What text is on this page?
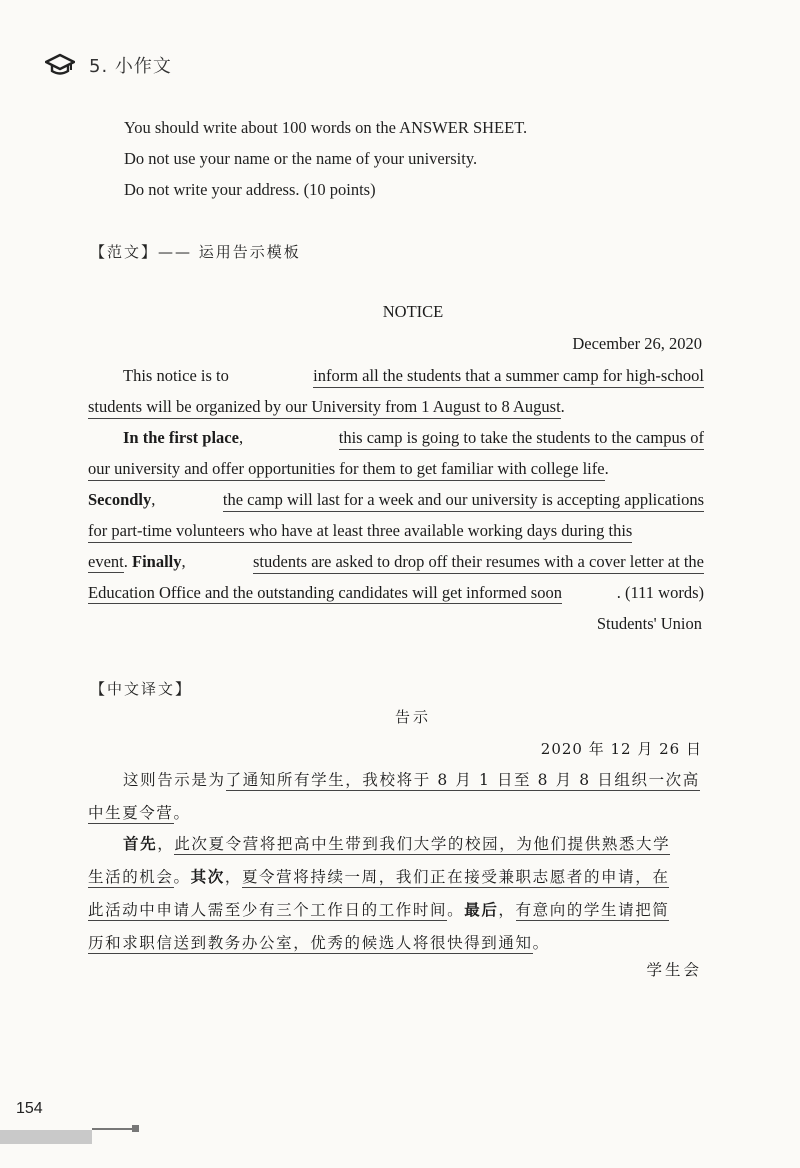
5. 小作文
You should write about 100 words on the ANSWER SHEET.
Do not use your name or the name of your university.
Do not write your address. (10 points)
【范文】—— 运用告示模板
NOTICE
December 26, 2020
This notice is to	inform all the students that a summer camp for high-school
students will be organized by our University from 1 August to 8 August .
In the first place,	this camp is going to take the students to the campus of
our university and offer opportunities for them to get familiar with college life .
Secondly,	the camp will last for a week and our university is accepting applications
for part-time volunteers who have at least three available working days during this
event. Finally,	students are asked to drop off their resumes with a cover letter at the
Education Office and the outstanding candidates will get informed soon	. (111 words)
Students' Union
【中文译文】
告示
2020 年 12 月 26 日
这则告示是为了通知所有学生，我校将于 8 月 1 日至 8 月 8 日组织一次高
中生夏令营。
首先，此次夏令营将把高中生带到我们大学的校园，为他们提供熟悉大学
生活的机会。其次，夏令营将持续一周，我们正在接受兼职志愿者的申请，在
此活动中申请人需至少有三个工作日的工作时间。最后，有意向的学生请把简
历和求职信送到教务办公室，优秀的候选人将很快得到通知。
学生会
154
